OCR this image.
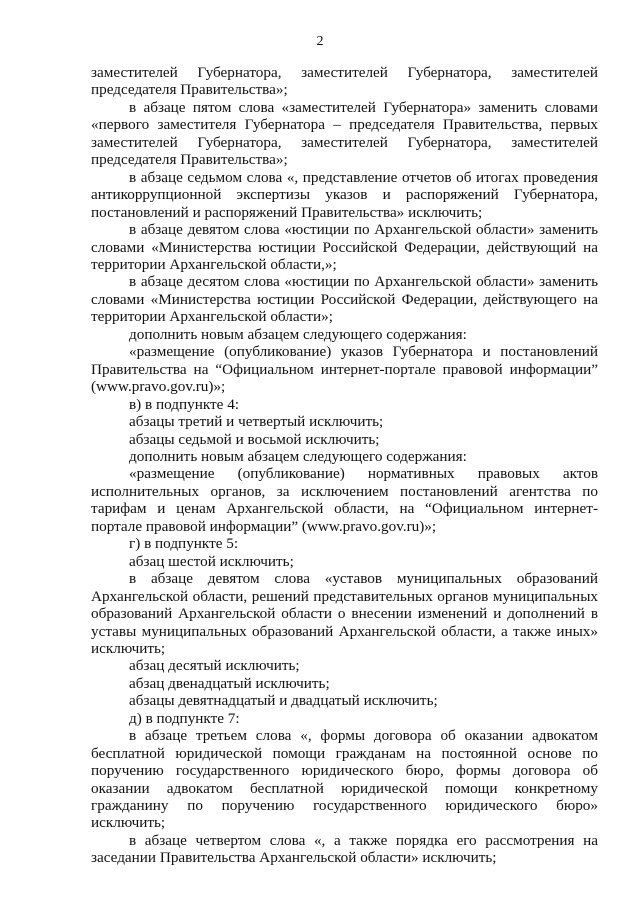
2

заместителей Губернатора, заместителей Губернатора, заместителей председателя Правительства»;

в абзаце пятом слова «заместителей Губернатора» заменить словами «первого заместителя Губернатора – председателя Правительства, первых заместителей Губернатора, заместителей Губернатора, заместителей председателя Правительства»;

в абзаце седьмом слова «, представление отчетов об итогах проведения антикоррупционной экспертизы указов и распоряжений Губернатора, постановлений и распоряжений Правительства» исключить;

в абзаце девятом слова «юстиции по Архангельской области» заменить словами «Министерства юстиции Российской Федерации, действующий на территории Архангельской области,»;

в абзаце десятом слова «юстиции по Архангельской области» заменить словами «Министерства юстиции Российской Федерации, действующего на территории Архангельской области»;

дополнить новым абзацем следующего содержания:

«размещение (опубликование) указов Губернатора и постановлений Правительства на “Официальном интернет-портале правовой информации” (www.pravo.gov.ru)»;

в) в подпункте 4:

абзацы третий и четвертый исключить;

абзацы седьмой и восьмой исключить;

дополнить новым абзацем следующего содержания:

«размещение (опубликование) нормативных правовых актов исполнительных органов, за исключением постановлений агентства по тарифам и ценам Архангельской области, на “Официальном интернет-портале правовой информации” (www.pravo.gov.ru)»;

г) в подпункте 5:

абзац шестой исключить;

в абзаце девятом слова «уставов муниципальных образований Архангельской области, решений представительных органов муниципальных образований Архангельской области о внесении изменений и дополнений в уставы муниципальных образований Архангельской области, а также иных» исключить;

абзац десятый исключить;

абзац двенадцатый исключить;

абзацы девятнадцатый и двадцатый исключить;

д) в подпункте 7:

в абзаце третьем слова «, формы договора об оказании адвокатом бесплатной юридической помощи гражданам на постоянной основе по поручению государственного юридического бюро, формы договора об оказании адвокатом бесплатной юридической помощи конкретному гражданину по поручению государственного юридического бюро» исключить;

в абзаце четвертом слова «, а также порядка его рассмотрения на заседании Правительства Архангельской области» исключить;
